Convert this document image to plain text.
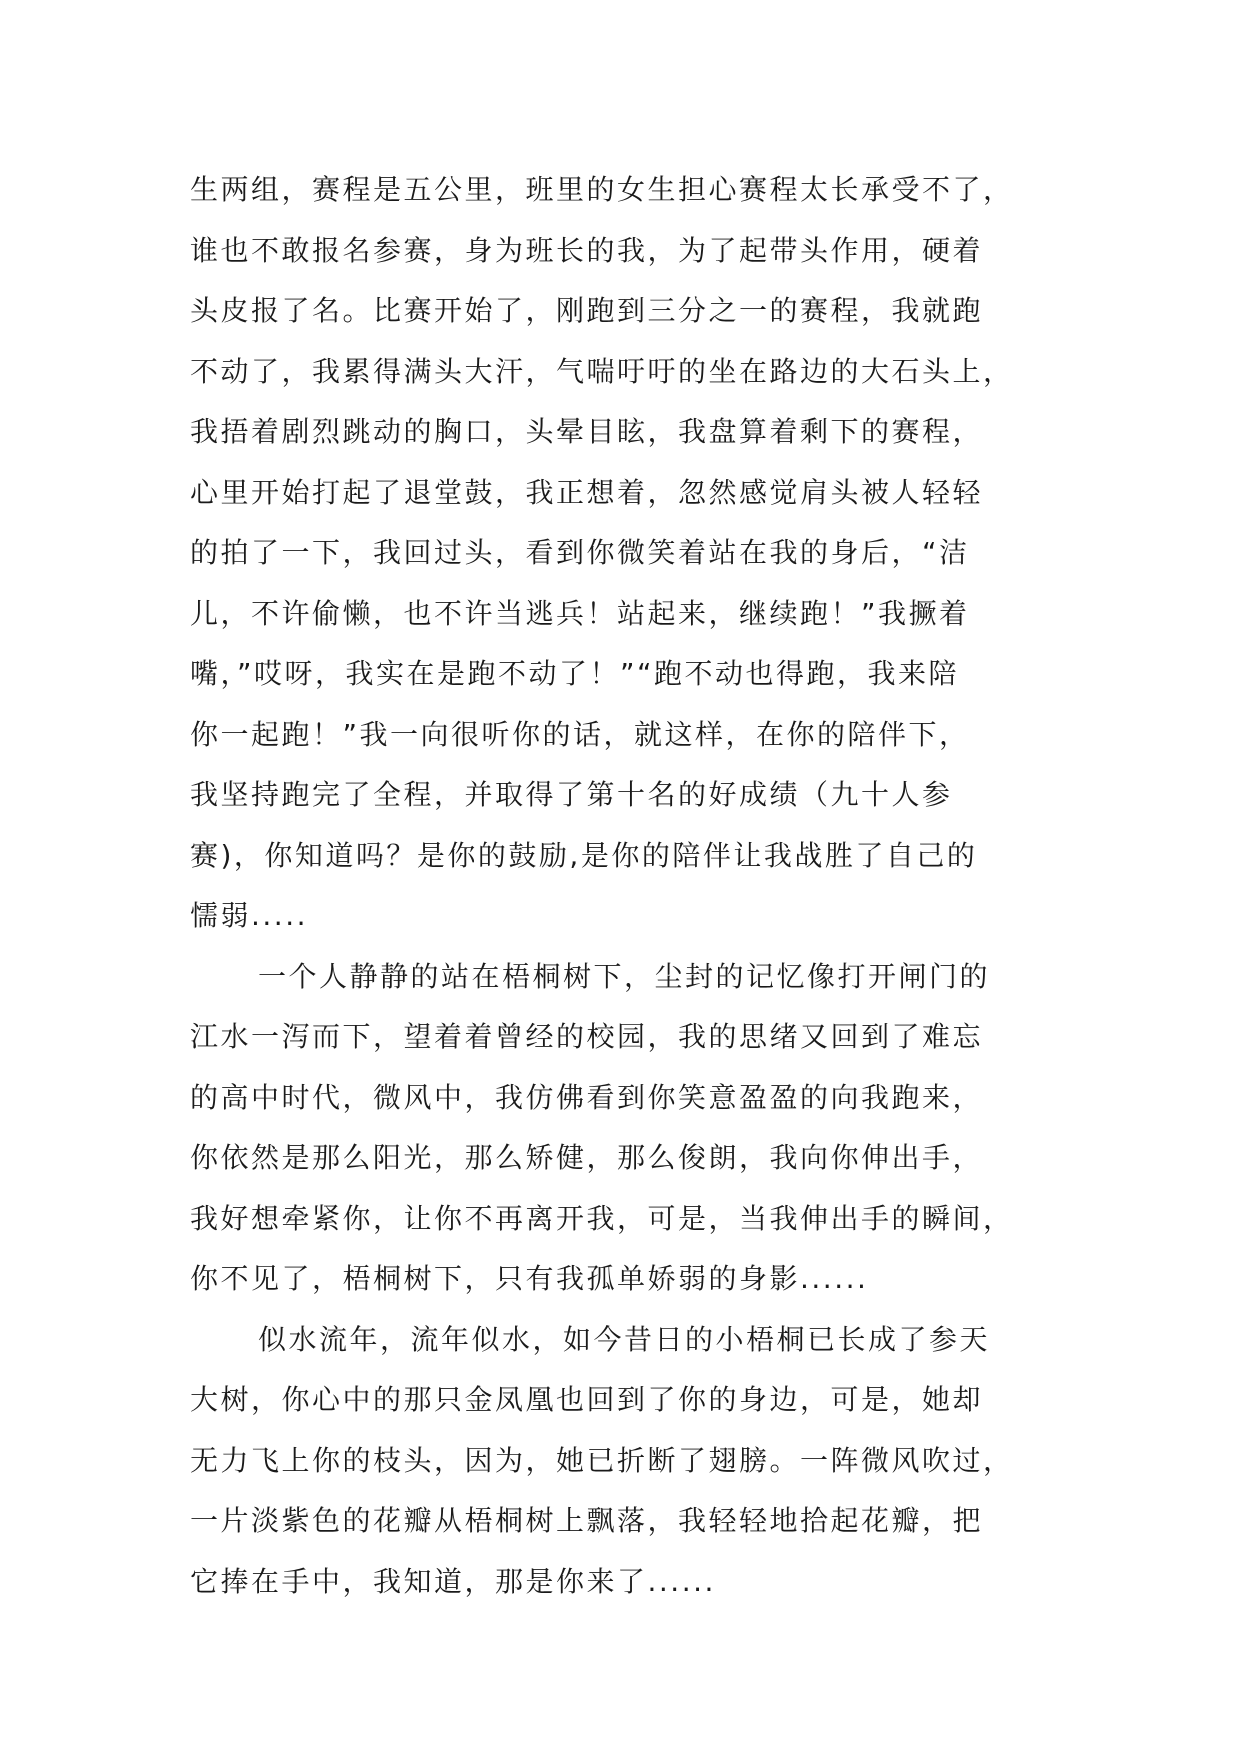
生两组，赛程是五公里，班里的女生担心赛程太长承受不了，
谁也不敢报名参赛，身为班长的我，为了起带头作用，硬着
头皮报了名。比赛开始了，刚跑到三分之一的赛程，我就跑
不动了，我累得满头大汗，气喘吁吁的坐在路边的大石头上，
我捂着剧烈跳动的胸口，头晕目眩，我盘算着剩下的赛程，
心里开始打起了退堂鼓，我正想着，忽然感觉肩头被人轻轻
的拍了一下，我回过头，看到你微笑着站在我的身后，“洁
儿，不许偷懒，也不许当逃兵！站起来，继续跑！”我撅着
嘴，”哎呀，我实在是跑不动了！”“跑不动也得跑，我来陪
你一起跑！”我一向很听你的话，就这样，在你的陪伴下，
我坚持跑完了全程，并取得了第十名的好成绩（九十人参
赛)，你知道吗？是你的鼓励,是你的陪伴让我战胜了自己的
懦弱.....
一个人静静的站在梧桐树下，尘封的记忆像打开闸门的
江水一泻而下，望着着曾经的校园，我的思绪又回到了难忘
的高中时代，微风中，我仿佛看到你笑意盈盈的向我跑来，
你依然是那么阳光，那么矫健，那么俊朗，我向你伸出手，
我好想牵紧你，让你不再离开我，可是，当我伸出手的瞬间，
你不见了，梧桐树下，只有我孤单娇弱的身影......
似水流年，流年似水，如今昔日的小梧桐已长成了参天
大树，你心中的那只金凤凰也回到了你的身边，可是，她却
无力飞上你的枝头，因为，她已折断了翅膀。一阵微风吹过，
一片淡紫色的花瓣从梧桐树上飘落，我轻轻地拾起花瓣，把
它捧在手中，我知道，那是你来了......
